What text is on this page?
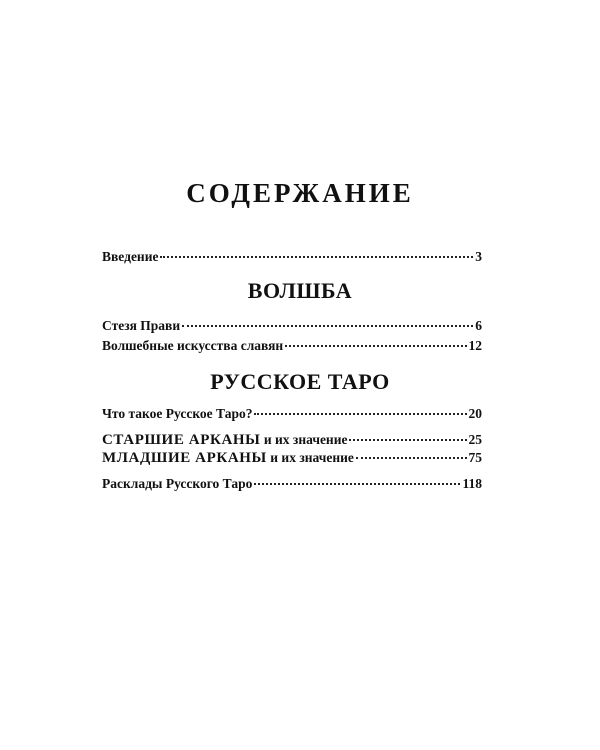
СОДЕРЖАНИЕ
Введение	3
ВОЛШБА
Стезя Прави	6
Волшебные искусства славян	12
РУССКОЕ ТАРО
Что такое Русское Таро?	20
СТАРШИЕ АРКАНЫ и их значение	25
МЛАДШИЕ АРКАНЫ и их значение	75
Расклады Русского Таро	118
